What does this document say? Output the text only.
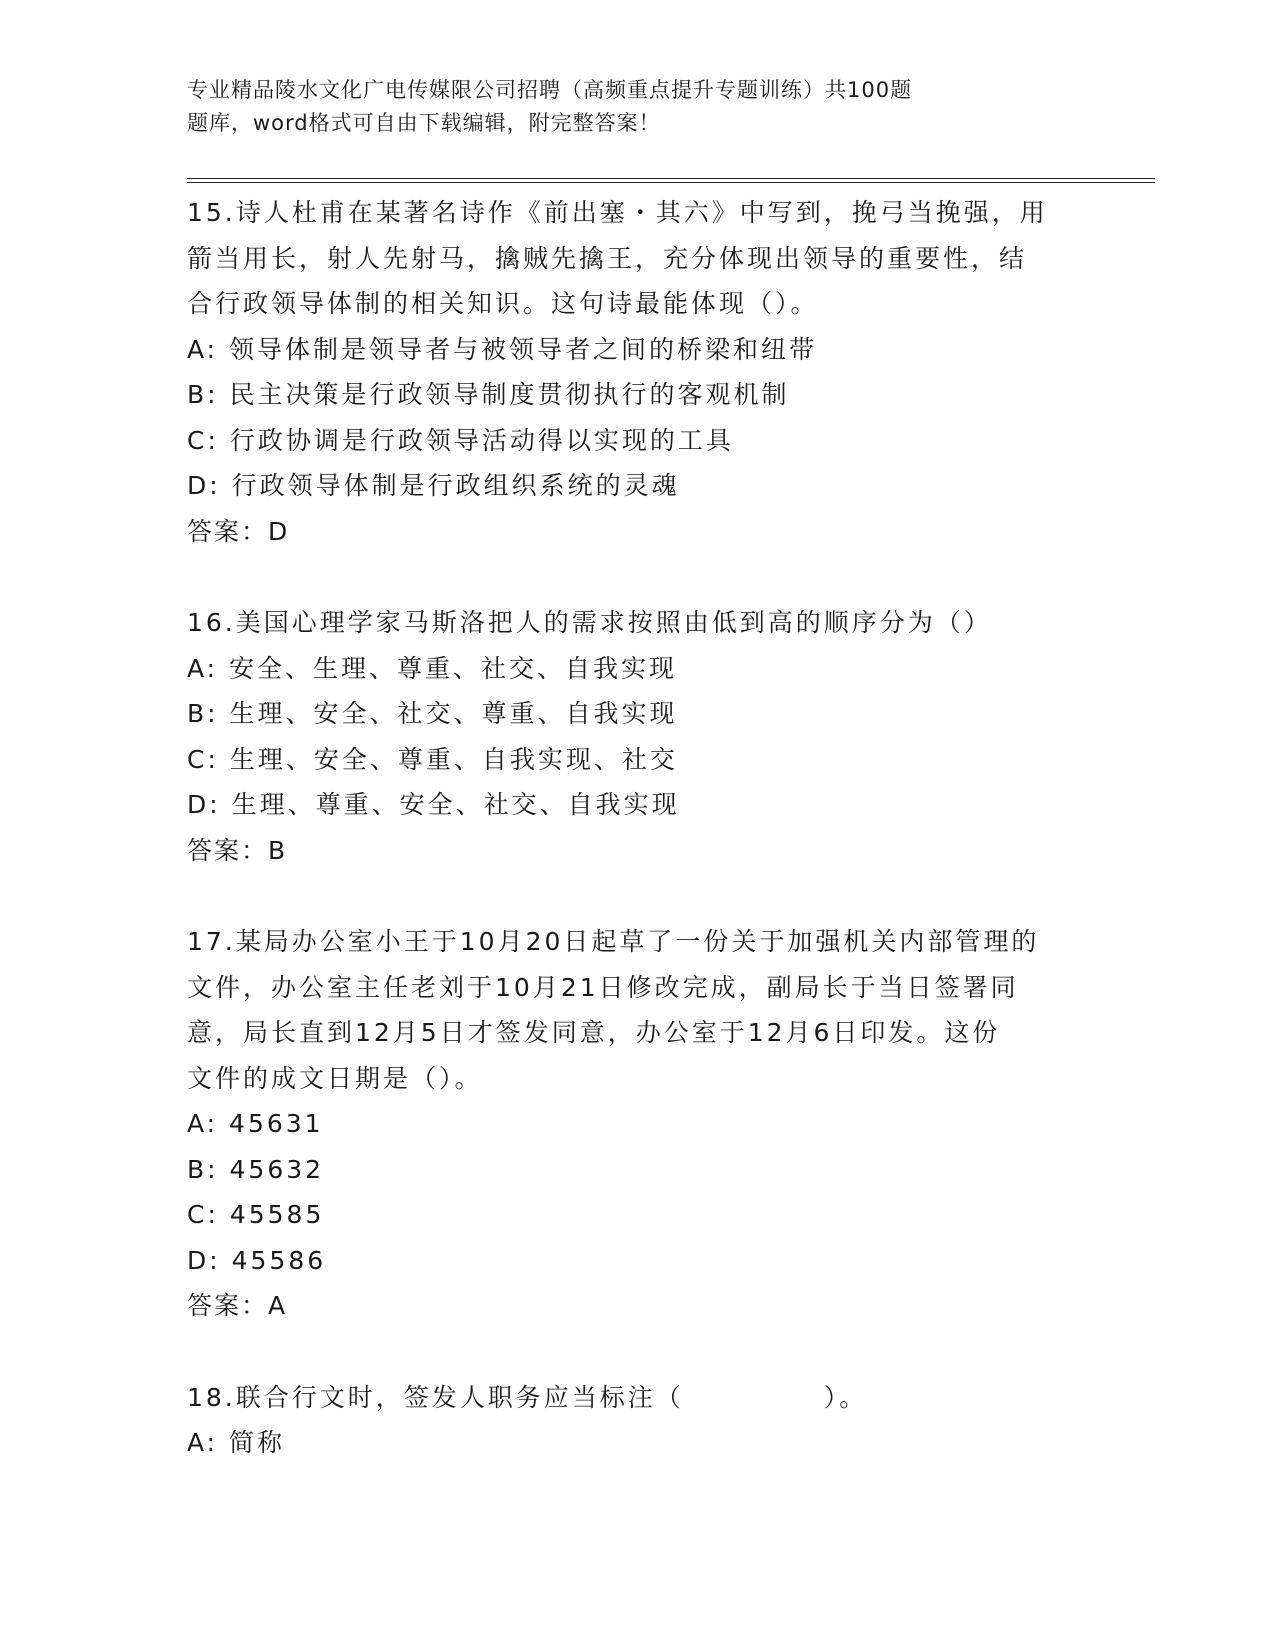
专业精品陵水文化广电传媒限公司招聘（高频重点提升专题训练）共100题
题库，word格式可自由下载编辑，附完整答案！
15.诗人杜甫在某著名诗作《前出塞・其六》中写到，挽弓当挽强，用
箭当用长，射人先射马，擒贼先擒王，充分体现出领导的重要性，结
合行政领导体制的相关知识。这句诗最能体现（）。
A: 领导体制是领导者与被领导者之间的桥梁和纽带
B: 民主决策是行政领导制度贯彻执行的客观机制
C: 行政协调是行政领导活动得以实现的工具
D: 行政领导体制是行政组织系统的灵魂
答案：D
16.美国心理学家马斯洛把人的需求按照由低到高的顺序分为（）
A: 安全、生理、尊重、社交、自我实现
B: 生理、安全、社交、尊重、自我实现
C: 生理、安全、尊重、自我实现、社交
D: 生理、尊重、安全、社交、自我实现
答案：B
17.某局办公室小王于10月20日起草了一份关于加强机关内部管理的
文件，办公室主任老刘于10月21日修改完成，副局长于当日签署同
意，局长直到12月5日才签发同意，办公室于12月6日印发。这份
文件的成文日期是（）。
A: 45631
B: 45632
C: 45585
D: 45586
答案：A
18.联合行文时，签发人职务应当标注（　　　　　）。
A: 简称
